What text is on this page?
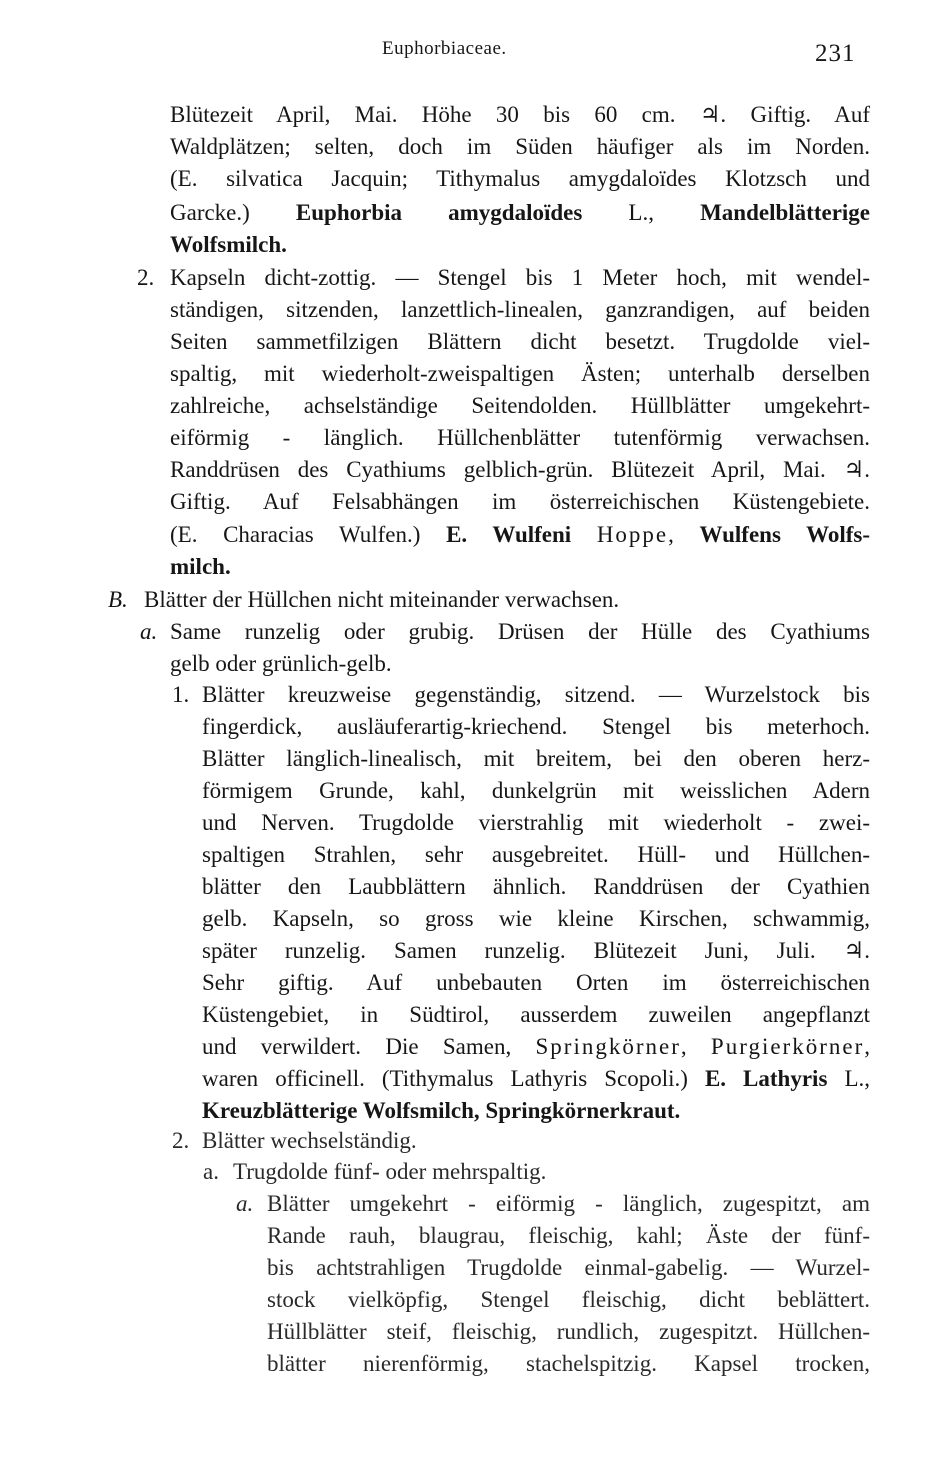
Euphorbiaceae.	231
Blütezeit April, Mai. Höhe 30 bis 60 cm. ♃. Giftig. Auf
Waldplätzen; selten, doch im Süden häufiger als im Norden.
(E. silvatica Jacquin; Tithymalus amygdaloïdes Klotzsch und
Garcke.) Euphorbia amygdaloïdes L., Mandelblätterige
Wolfsmilch.
2. Kapseln dicht-zottig. — Stengel bis 1 Meter hoch, mit wendel-
ständigen, sitzenden, lanzettlich-linealen, ganzrandigen, auf beiden
Seiten sammetfilzigen Blättern dicht besetzt. Trugdolde viel-
spaltig, mit wiederholt-zweispaltigen Ästen; unterhalb derselben
zahlreiche, achselständige Seitendolden. Hüllblätter umgekehrt-
eiförmig - länglich. Hüllchenblätter tutenförmig verwachsen.
Randdrüsen des Cyathiums gelblich-grün. Blütezeit April, Mai. ♃.
Giftig. Auf Felsabhängen im österreichischen Küstengebiete.
(E. Characias Wulfen.) E. Wulfeni Hoppe, Wulfens Wolfs-
milch.
B. Blätter der Hüllchen nicht miteinander verwachsen.
a. Same runzelig oder grubig. Drüsen der Hülle des Cyathiums
gelb oder grünlich-gelb.
1. Blätter kreuzweise gegenständig, sitzend. — Wurzelstock bis
fingerdick, ausläuferartig-kriechend. Stengel bis meterhoch.
Blätter länglich-linealisch, mit breitem, bei den oberen herz-
förmigem Grunde, kahl, dunkelgrün mit weisslichen Adern
und Nerven. Trugdolde vierstrahlig mit wiederholt - zwei-
spaltigen Strahlen, sehr ausgebreitet. Hüll- und Hüllchen-
blätter den Laubblättern ähnlich. Randdrüsen der Cyathien
gelb. Kapseln, so gross wie kleine Kirschen, schwammig,
später runzelig. Samen runzelig. Blütezeit Juni, Juli. ♃.
Sehr giftig. Auf unbebauten Orten im österreichischen
Küstengebiet, in Südtirol, ausserdem zuweilen angepflanzt
und verwildert. Die Samen, Springkörner, Purgierkörner,
waren officinell. (Tithymalus Lathyris Scopoli.) E. Lathyris L.,
Kreuzblätterige Wolfsmilch, Springkörnerkraut.
2. Blätter wechselständig.
a. Trugdolde fünf- oder mehrspaltig.
a. Blätter umgekehrt - eiförmig - länglich, zugespitzt, am
Rande rauh, blaugrau, fleischig, kahl; Äste der fünf-
bis achtstrahligen Trugdolde einmal-gabelig. — Wurzel-
stock vielköpfig, Stengel fleischig, dicht beblättert.
Hüllblätter steif, fleischig, rundlich, zugespitzt. Hüllchen-
blätter nierenförmig, stachelspitzig. Kapsel trocken,
